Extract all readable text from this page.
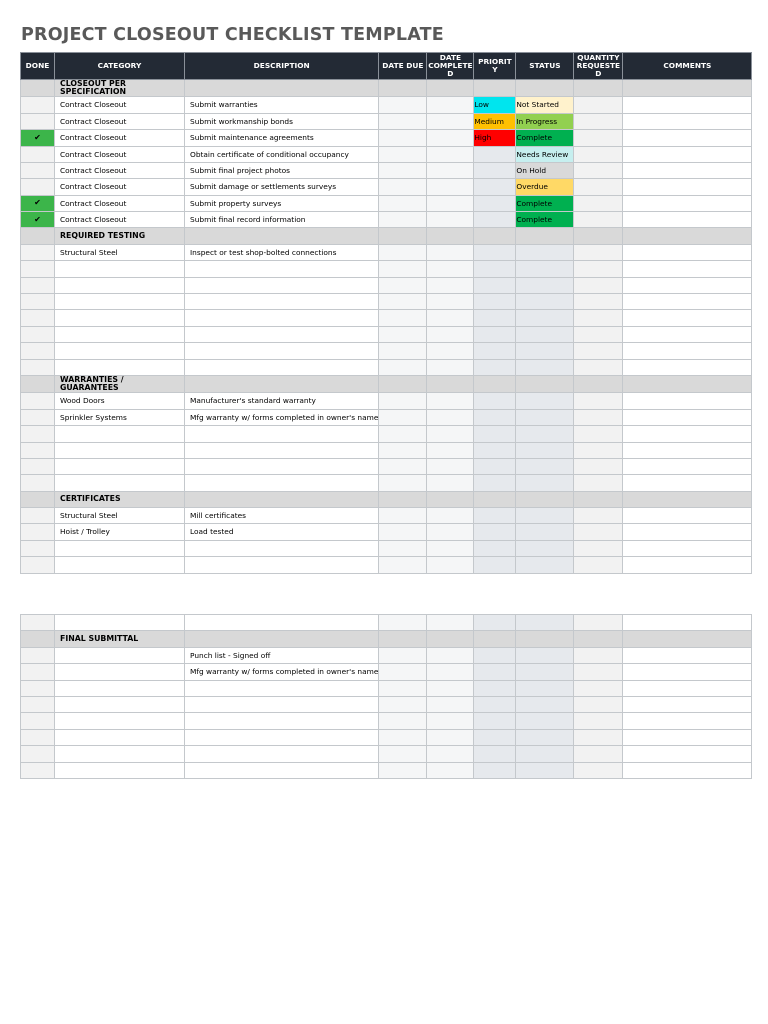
PROJECT CLOSEOUT CHECKLIST TEMPLATE
DONE	CATEGORY	DESCRIPTION	DATE DUE	DATE COMPLETE D	PRIORIT Y	STATUS	QUANTITY REQUESTE D	COMMENTS
	CLOSEOUT PER SPECIFICATION							
	Contract Closeout	Submit warranties			Low	Not Started		
	Contract Closeout	Submit workmanship bonds			Medium	In Progress		
✔	Contract Closeout	Submit maintenance agreements			High	Complete		
	Contract Closeout	Obtain certificate of conditional occupancy				Needs Review		
	Contract Closeout	Submit final project photos				On Hold		
	Contract Closeout	Submit damage or settlements surveys				Overdue		
✔	Contract Closeout	Submit property surveys				Complete		
✔	Contract Closeout	Submit final record information				Complete		
	REQUIRED TESTING							
	Structural Steel	Inspect or test shop-bolted connections						

	WARRANTIES / GUARANTEES							
	Wood Doors	Manufacturer's standard warranty						
	Sprinkler Systems	Mfg warranty w/ forms completed in owner's name						

	CERTIFICATES							
	Structural Steel	Mill certificates						
	Hoist / Trolley	Load tested						

	FINAL SUBMITTAL							
		Punch list - Signed off						
		Mfg warranty w/ forms completed in owner's name						
